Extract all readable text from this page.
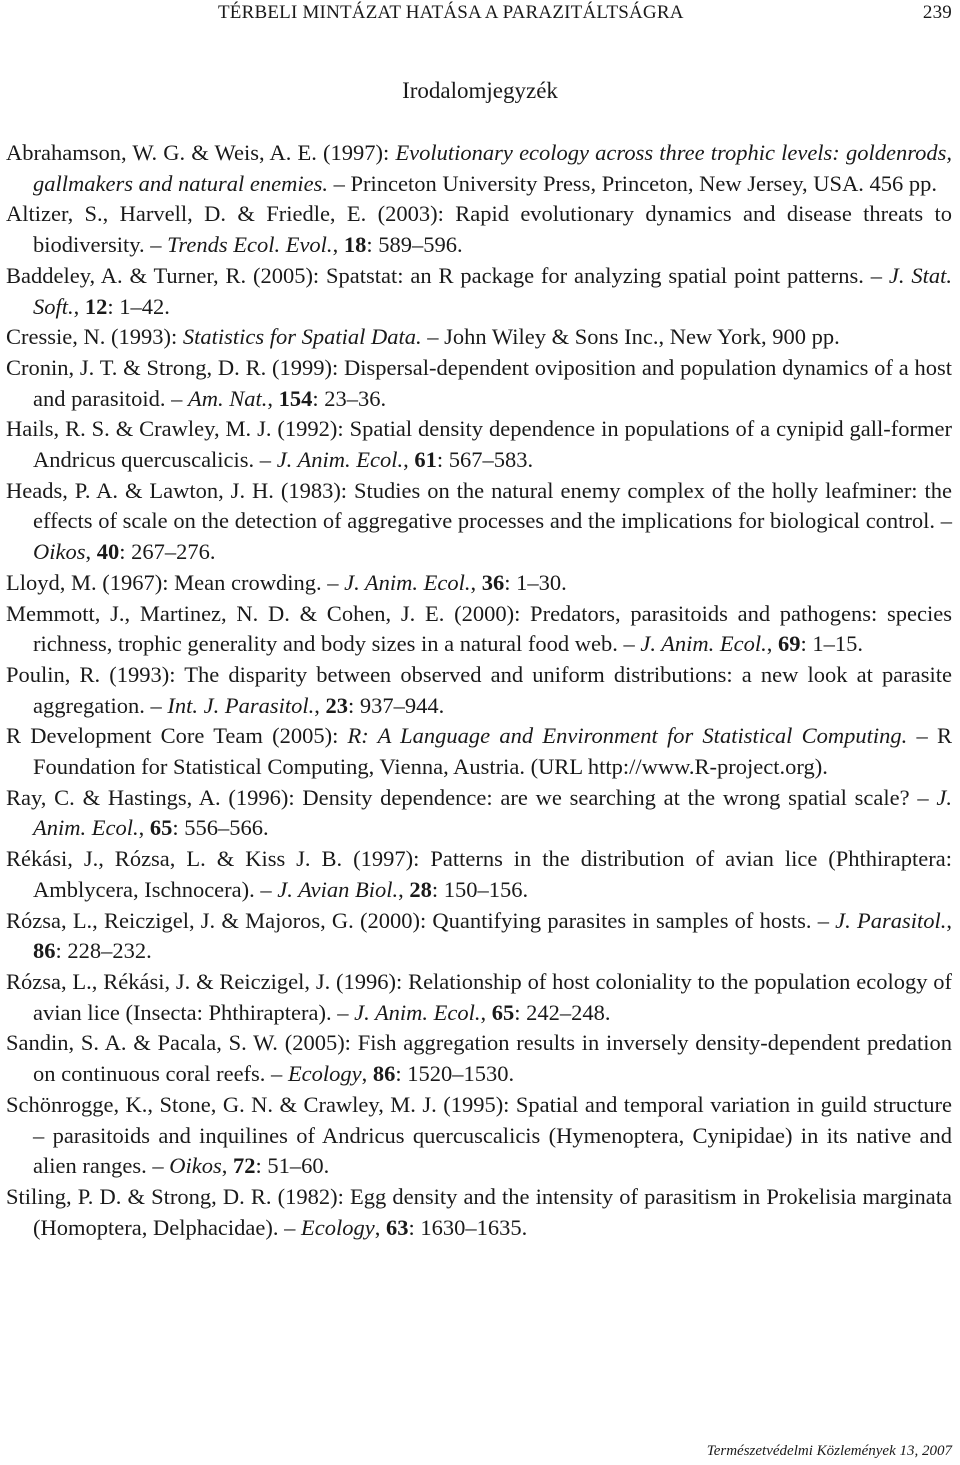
TÉRBELI MINTÁZAT HATÁSA A PARAZITÁLTSÁGRA	239
Irodalomjegyzék

Abrahamson, W. G. & Weis, A. E. (1997): Evolutionary ecology across three trophic levels: goldenrods, gallmakers and natural enemies. – Princeton University Press, Princeton, New Jersey, USA. 456 pp.

Altizer, S., Harvell, D. & Friedle, E. (2003): Rapid evolutionary dynamics and disease threats to biodiversity. – Trends Ecol. Evol., 18: 589–596.

Baddeley, A. & Turner, R. (2005): Spatstat: an R package for analyzing spatial point patterns. – J. Stat. Soft., 12: 1–42.

Cressie, N. (1993): Statistics for Spatial Data. – John Wiley & Sons Inc., New York, 900 pp.

Cronin, J. T. & Strong, D. R. (1999): Dispersal-dependent oviposition and population dynamics of a host and parasitoid. – Am. Nat., 154: 23–36.

Hails, R. S. & Crawley, M. J. (1992): Spatial density dependence in populations of a cynipid gall-former Andricus quercuscalicis. – J. Anim. Ecol., 61: 567–583.

Heads, P. A. & Lawton, J. H. (1983): Studies on the natural enemy complex of the holly leafminer: the effects of scale on the detection of aggregative processes and the implications for biological control. – Oikos, 40: 267–276.

Lloyd, M. (1967): Mean crowding. – J. Anim. Ecol., 36: 1–30.

Memmott, J., Martinez, N. D. & Cohen, J. E. (2000): Predators, parasitoids and pathogens: species richness, trophic generality and body sizes in a natural food web. – J. Anim. Ecol., 69: 1–15.

Poulin, R. (1993): The disparity between observed and uniform distributions: a new look at parasite aggregation. – Int. J. Parasitol., 23: 937–944.

R Development Core Team (2005): R: A Language and Environment for Statistical Computing. – R Foundation for Statistical Computing, Vienna, Austria. (URL http://www.R-project.org).

Ray, C. & Hastings, A. (1996): Density dependence: are we searching at the wrong spatial scale? – J. Anim. Ecol., 65: 556–566.

Rékási, J., Rózsa, L. & Kiss J. B. (1997): Patterns in the distribution of avian lice (Phthiraptera: Amblycera, Ischnocera). – J. Avian Biol., 28: 150–156.

Rózsa, L., Reiczigel, J. & Majoros, G. (2000): Quantifying parasites in samples of hosts. – J. Parasitol., 86: 228–232.

Rózsa, L., Rékási, J. & Reiczigel, J. (1996): Relationship of host coloniality to the population ecology of avian lice (Insecta: Phthiraptera). – J. Anim. Ecol., 65: 242–248.

Sandin, S. A. & Pacala, S. W. (2005): Fish aggregation results in inversely density-dependent predation on continuous coral reefs. – Ecology, 86: 1520–1530.

Schönrogge, K., Stone, G. N. & Crawley, M. J. (1995): Spatial and temporal variation in guild structure – parasitoids and inquilines of Andricus quercuscalicis (Hymenoptera, Cynipidae) in its native and alien ranges. – Oikos, 72: 51–60.

Stiling, P. D. & Strong, D. R. (1982): Egg density and the intensity of parasitism in Prokelisia marginata (Homoptera, Delphacidae). – Ecology, 63: 1630–1635.

Természetvédelmi Közlemények 13, 2007
